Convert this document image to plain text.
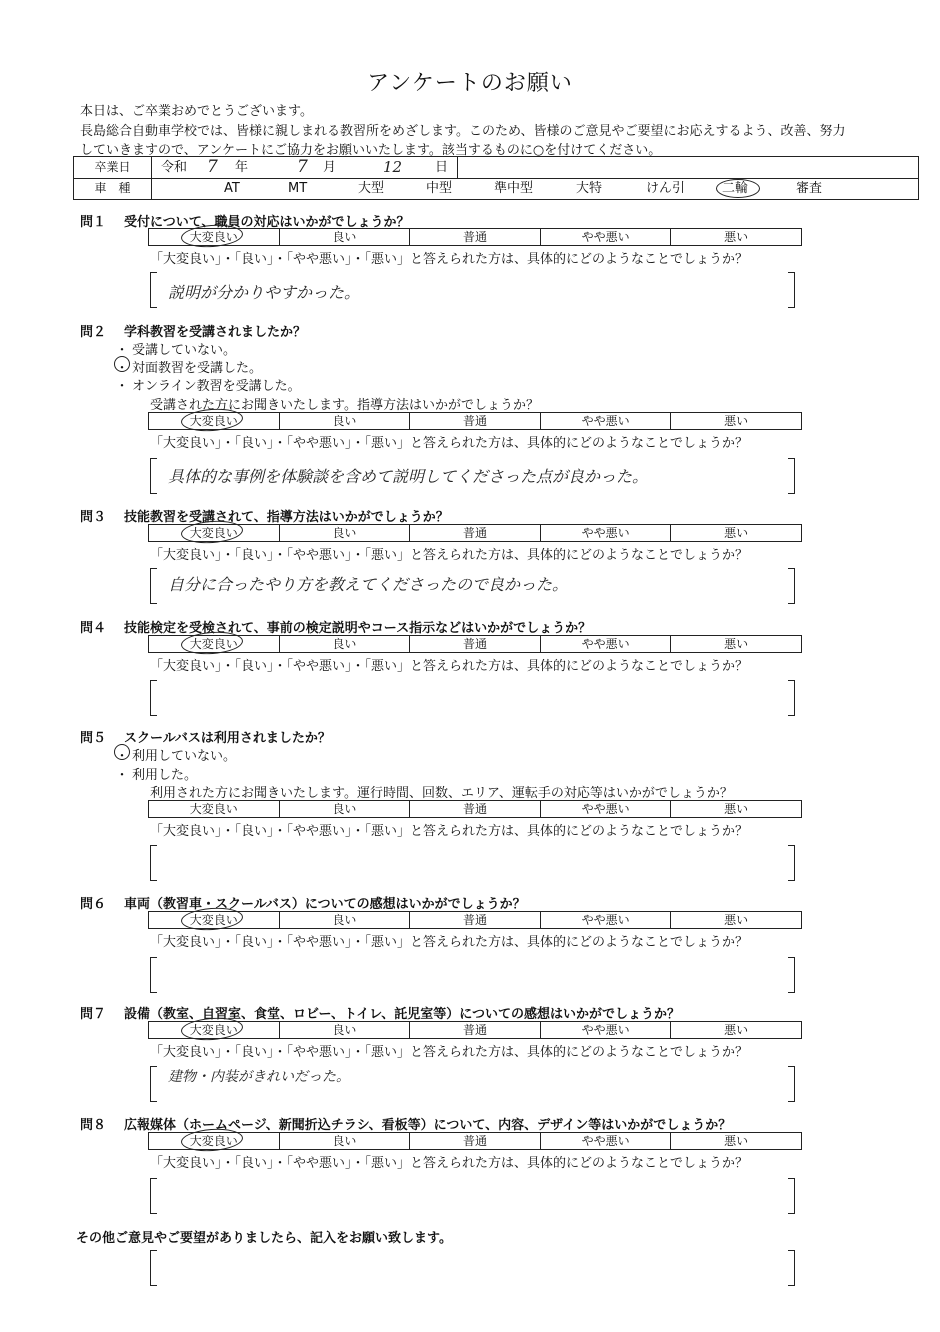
アンケートのお願い
本日は、ご卒業おめでとうございます。
長島総合自動車学校では、皆様に親しまれる教習所をめざします。このため、皆様のご意見やご要望にお応えするよう、改善、努力
していきますので、アンケートにご協力をお願いいたします。該当するものに○を付けてください。
卒業日	令和 7 年	7 月	12	日
車　種	AT	MT	大型	中型	準中型	大特	けん引	二輪	審査
問１ 受付について、職員の対応はいかがでしょうか？
大変良い	良い	普通	やや悪い	悪い
「大変良い」・「良い」・「やや悪い」・「悪い」と答えられた方は、具体的にどのようなことでしょうか？
説明が分かりやすかった。
問２ 学科教習を受講されましたか？
・ 受講していない。
・ 対面教習を受講した。
・ オンライン教習を受講した。
受講された方にお聞きいたします。指導方法はいかがでしょうか？
大変良い	良い	普通	やや悪い	悪い
「大変良い」・「良い」・「やや悪い」・「悪い」と答えられた方は、具体的にどのようなことでしょうか？
具体的な事例を体験談を含めて説明してくださった点が良かった。
問３ 技能教習を受講されて、指導方法はいかがでしょうか？
大変良い	良い	普通	やや悪い	悪い
「大変良い」・「良い」・「やや悪い」・「悪い」と答えられた方は、具体的にどのようなことでしょうか？
自分に合ったやり方を教えてくださったので良かった。
問４ 技能検定を受検されて、事前の検定説明やコース指示などはいかがでしょうか？
大変良い	良い	普通	やや悪い	悪い
「大変良い」・「良い」・「やや悪い」・「悪い」と答えられた方は、具体的にどのようなことでしょうか？
問５ スクールバスは利用されましたか？
・ 利用していない。
・ 利用した。
利用された方にお聞きいたします。運行時間、回数、エリア、運転手の対応等はいかがでしょうか？
大変良い	良い	普通	やや悪い	悪い
「大変良い」・「良い」・「やや悪い」・「悪い」と答えられた方は、具体的にどのようなことでしょうか？
問６ 車両（教習車・スクールバス）についての感想はいかがでしょうか？
大変良い	良い	普通	やや悪い	悪い
「大変良い」・「良い」・「やや悪い」・「悪い」と答えられた方は、具体的にどのようなことでしょうか？
問７ 設備（教室、自習室、食堂、ロビー、トイレ、託児室等）についての感想はいかがでしょうか？
大変良い	良い	普通	やや悪い	悪い
「大変良い」・「良い」・「やや悪い」・「悪い」と答えられた方は、具体的にどのようなことでしょうか？
建物・内装がきれいだった。
問８ 広報媒体（ホームページ、新聞折込チラシ、看板等）について、内容、デザイン等はいかがでしょうか？
大変良い	良い	普通	やや悪い	悪い
「大変良い」・「良い」・「やや悪い」・「悪い」と答えられた方は、具体的にどのようなことでしょうか？
その他ご意見やご要望がありましたら、記入をお願い致します。
